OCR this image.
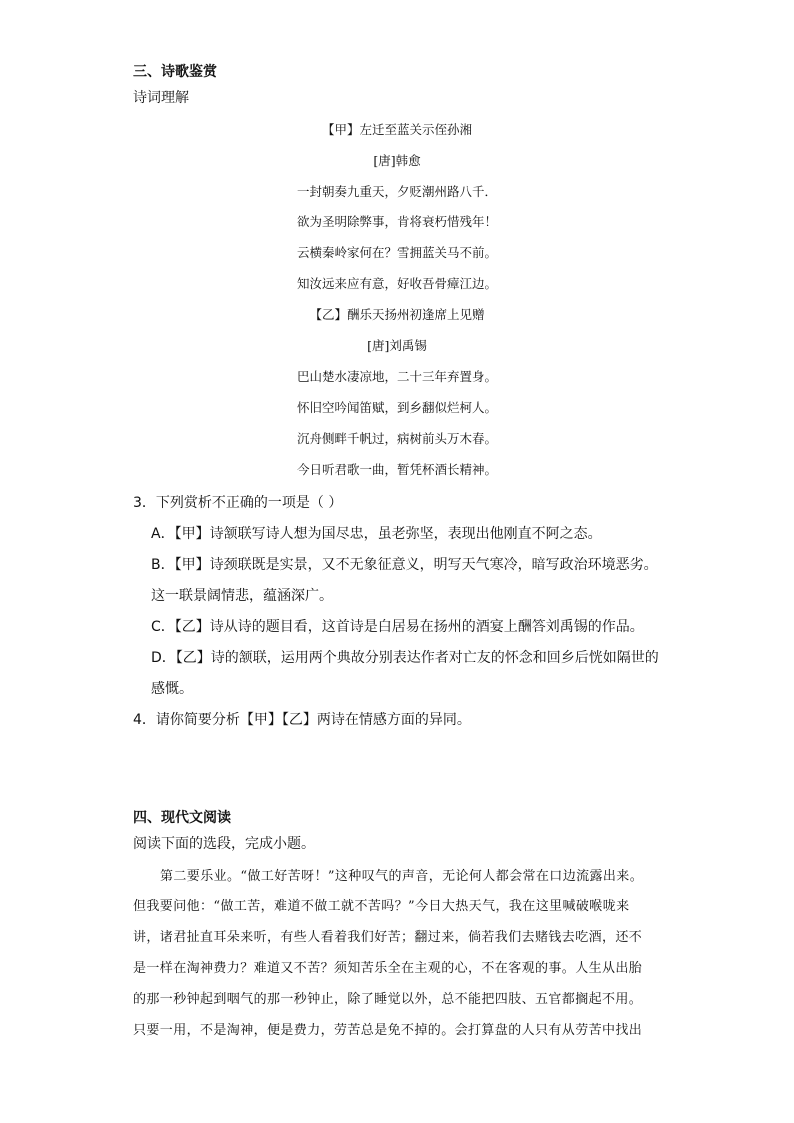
三、诗歌鉴赏
诗词理解
【甲】左迁至蓝关示侄孙湘
[唐]韩愈
一封朝奏九重天，夕贬潮州路八千．
欲为圣明除弊事，肯将衰朽惜残年！
云横秦岭家何在？雪拥蓝关马不前。
知汝远来应有意，好收吾骨瘴江边。
【乙】酬乐天扬州初逢席上见赠
[唐]刘禹锡
巴山楚水凄凉地，二十三年弃置身。
怀旧空吟闻笛赋，到乡翻似烂柯人。
沉舟侧畔千帆过，病树前头万木春。
今日听君歌一曲，暂凭杯酒长精神。
3．下列赏析不正确的一项是（ ）
A．【甲】诗颔联写诗人想为国尽忠，虽老弥坚，表现出他刚直不阿之态。
B．【甲】诗颈联既是实景，又不无象征意义，明写天气寒冷，暗写政治环境恶劣。
这一联景阔情悲，蕴涵深广。
C．【乙】诗从诗的题目看，这首诗是白居易在扬州的酒宴上酬答刘禹锡的作品。
D．【乙】诗的颔联，运用两个典故分别表达作者对亡友的怀念和回乡后恍如隔世的
感慨。
4．请你简要分析【甲】【乙】两诗在情感方面的异同。
四、现代文阅读
阅读下面的选段，完成小题。
第二要乐业。“做工好苦呀！”这种叹气的声音，无论何人都会常在口边流露出来。
但我要问他：“做工苦，难道不做工就不苦吗？”今日大热天气，我在这里喊破喉咙来
讲，诸君扯直耳朵来听，有些人看着我们好苦；翻过来，倘若我们去赌钱去吃酒，还不
是一样在淘神费力？难道又不苦？须知苦乐全在主观的心，不在客观的事。人生从出胎
的那一秒钟起到咽气的那一秒钟止，除了睡觉以外，总不能把四肢、五官都搁起不用。
只要一用，不是淘神，便是费力，劳苦总是免不掉的。会打算盘的人只有从劳苦中找出
